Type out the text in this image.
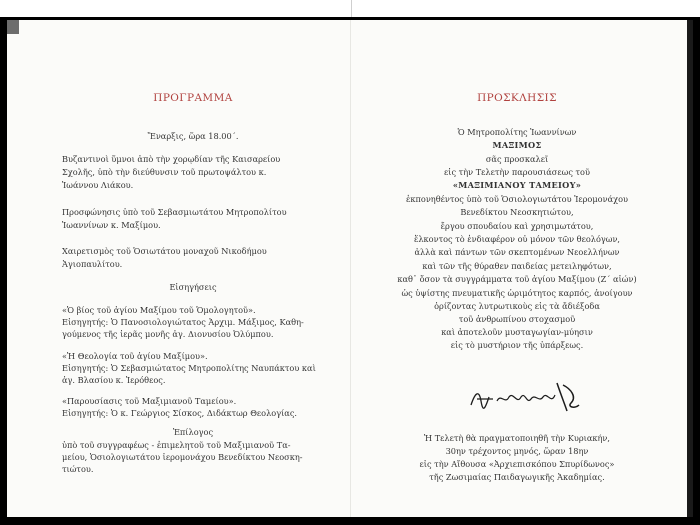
ΠΡΟΓΡΑΜΜΑ
Ἔναρξις, ὥρα 18.00΄.
Βυζαντινοὶ ὕμνοι ἀπὸ τὴν χορῳδίαν τῆς Καισαρείου
Σχολῆς, ὑπὸ τὴν διεύθυνσιν τοῦ πρωτοψάλτου κ.
Ἰωάννου Λιάκου.
Προσφώνησις ὑπὸ τοῦ Σεβασμιωτάτου Μητροπολίτου
Ἰωαννίνων κ. Μαξίμου.
Χαιρετισμὸς τοῦ Ὁσιωτάτου μοναχοῦ Νικοδήμου
Ἁγιοπαυλίτου.
Εἰσηγήσεις
«Ὁ βίος τοῦ ἁγίου Μαξίμου τοῦ Ὁμολογητοῦ».
Εἰσηγητής: Ὁ Πανοσιολογιώτατος Ἀρχιμ. Μάξιμος, Καθη-
γούμενος τῆς ἱερᾶς μονῆς ἁγ. Διονυσίου Ὀλύμπου.
«Ἡ Θεολογία τοῦ ἁγίου Μαξίμου».
Εἰσηγητής: Ὁ Σεβασμιώτατος Μητροπολίτης Ναυπάκτου καὶ
ἁγ. Βλασίου κ. Ἱερόθεος.
«Παρουσίασις τοῦ Μαξιμιανοῦ Ταμείου».
Εἰσηγητής: Ὁ κ. Γεώργιος Σίσκος, Διδάκτωρ Θεολογίας.
Ἐπίλογος
ὑπὸ τοῦ συγγραφέως - ἐπιμελητοῦ τοῦ Μαξιμιανοῦ Τα-
μείου, Ὁσιολογιωτάτου ἱερομονάχου Βενεδίκτου Νεοσκη-
τιώτου.
ΠΡΟΣΚΛΗΣΙΣ
Ὁ Μητροπολίτης Ἰωαννίνων
ΜΑΞΙΜΟΣ
σᾶς προσκαλεῖ
εἰς τὴν Τελετὴν παρουσιάσεως τοῦ
«ΜΑΞΙΜΙΑΝΟΥ ΤΑΜΕΙΟΥ»
ἐκπονηθέντος ὑπὸ τοῦ Ὁσιολογιωτάτου Ἱερομονάχου
Βενεδίκτου Νεοσκητιώτου,
ἔργου σπουδαίου καὶ χρησιμωτάτου,
ἕλκοντος τὸ ἐνδιαφέρον οὐ μόνον τῶν θεολόγων,
ἀλλὰ καὶ πάντων τῶν σκεπτομένων Νεοελλήνων
καὶ τῶν τῆς θύραθεν παιδείας μετειληφότων,
καθ᾽ ὅσον τὰ συγγράμματα τοῦ ἁγίου Μαξίμου (Ζ΄ αἰών)
ὡς ὑψίστης πνευματικῆς ὡριμότητος καρπός, ἀνοίγουν
ὁρίζοντας λυτρωτικοὺς εἰς τὰ ἄδιέξοδα
τοῦ ἀνθρωπίνου στοχασμοῦ
καὶ ἀποτελοῦν μυσταγωγίαν-μύησιν
εἰς τὸ μυστήριον τῆς ὑπάρξεως.
Ἡ Τελετὴ θὰ πραγματοποιηθῆ τὴν Κυριακήν,
30ην τρέχοντος μηνός, ὥραν 18ην
εἰς τὴν Αἴθουσα «Ἀρχιεπισκόπου Σπυρίδωνος»
τῆς Ζωσιμαίας Παιδαγωγικῆς Ἀκαδημίας.
